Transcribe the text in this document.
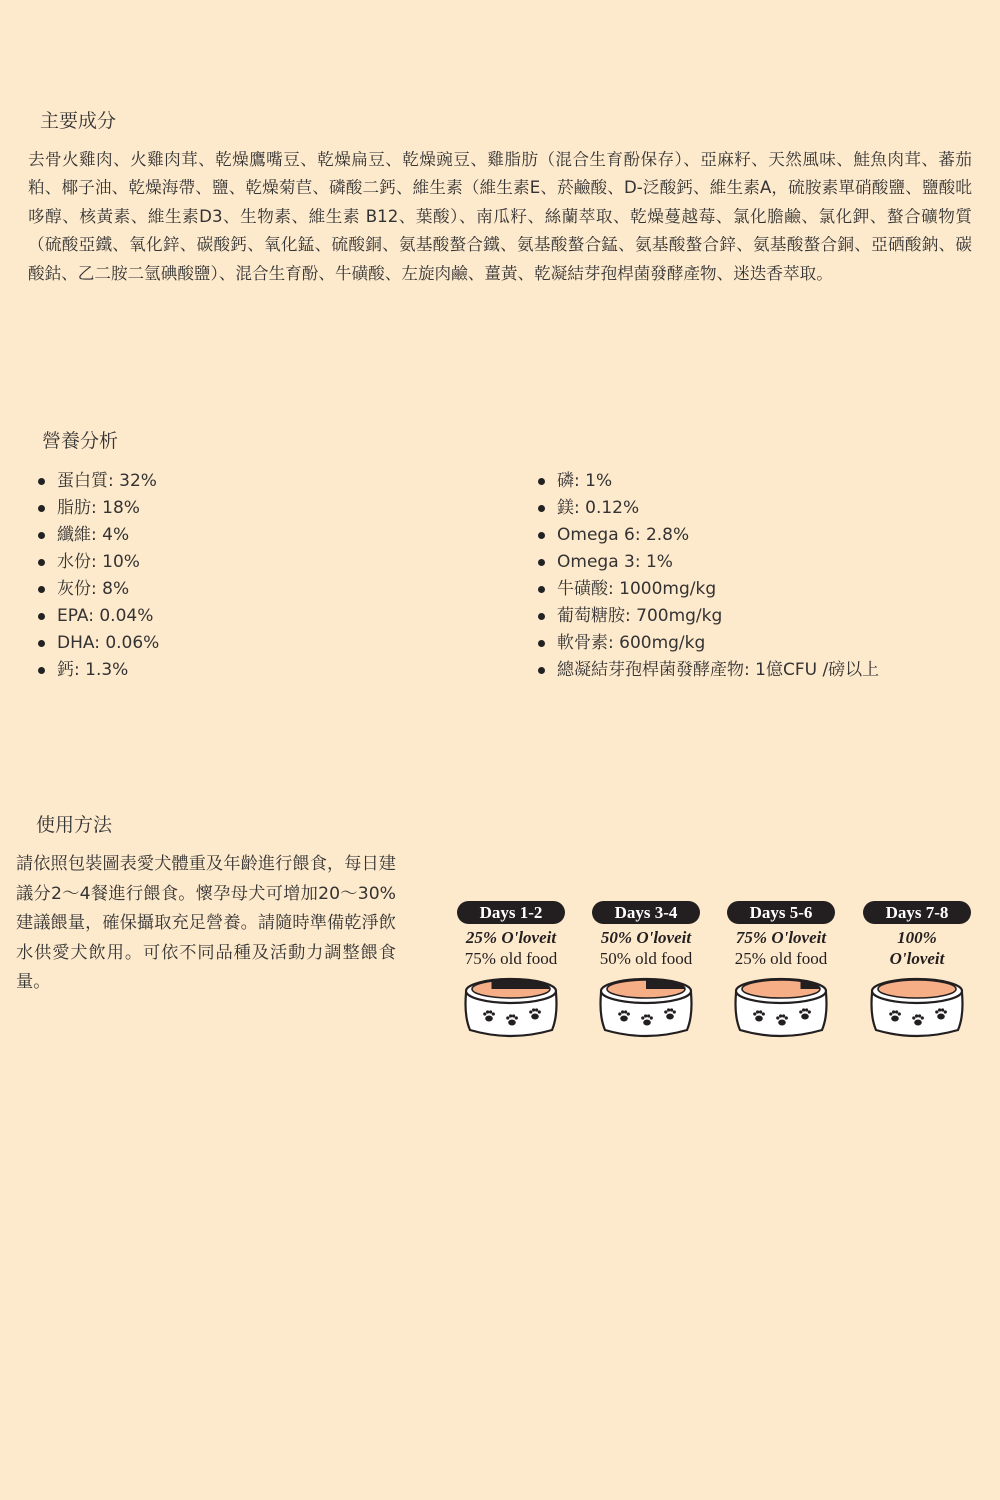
主要成分

去骨火雞肉、火雞肉茸、乾燥鷹嘴豆、乾燥扁豆、乾燥豌豆、雞脂肪（混合生育酚保存）、亞麻籽、天然風味、鮭魚肉茸、蕃茄粕、椰子油、乾燥海帶、鹽、乾燥菊苣、磷酸二鈣、維生素（維生素E、菸鹼酸、D-泛酸鈣、維生素A，硫胺素單硝酸鹽、鹽酸吡哆醇、核黃素、維生素D3、生物素、維生素 B12、葉酸）、南瓜籽、絲蘭萃取、乾燥蔓越莓、氯化膽鹼、氯化鉀、螯合礦物質（硫酸亞鐵、氧化鋅、碳酸鈣、氧化錳、硫酸銅、氨基酸螯合鐵、氨基酸螯合錳、氨基酸螯合鋅、氨基酸螯合銅、亞硒酸鈉、碳酸鈷、乙二胺二氫碘酸鹽）、混合生育酚、牛磺酸、左旋肉鹼、薑黃、乾凝結芽孢桿菌發酵產物、迷迭香萃取。

營養分析
蛋白質: 32%
脂肪: 18%
纖維: 4%
水份: 10%
灰份: 8%
EPA: 0.04%
DHA: 0.06%
鈣: 1.3%
磷: 1%
鎂: 0.12%
Omega 6: 2.8%
Omega 3: 1%
牛磺酸: 1000mg/kg
葡萄糖胺: 700mg/kg
軟骨素: 600mg/kg
總凝結芽孢桿菌發酵產物: 1億CFU /磅以上
使用方法

請依照包裝圖表愛犬體重及年齡進行餵食，每日建議分2～4餐進行餵食。懷孕母犬可增加20～30%建議餵量，確保攝取充足營養。請隨時準備乾淨飲水供愛犬飲用。可依不同品種及活動力調整餵食量。

Days 1-2
25% O'loveit
75% old food
Days 3-4
50% O'loveit
50% old food
Days 5-6
75% O'loveit
25% old food
Days 7-8
100%
O'loveit
